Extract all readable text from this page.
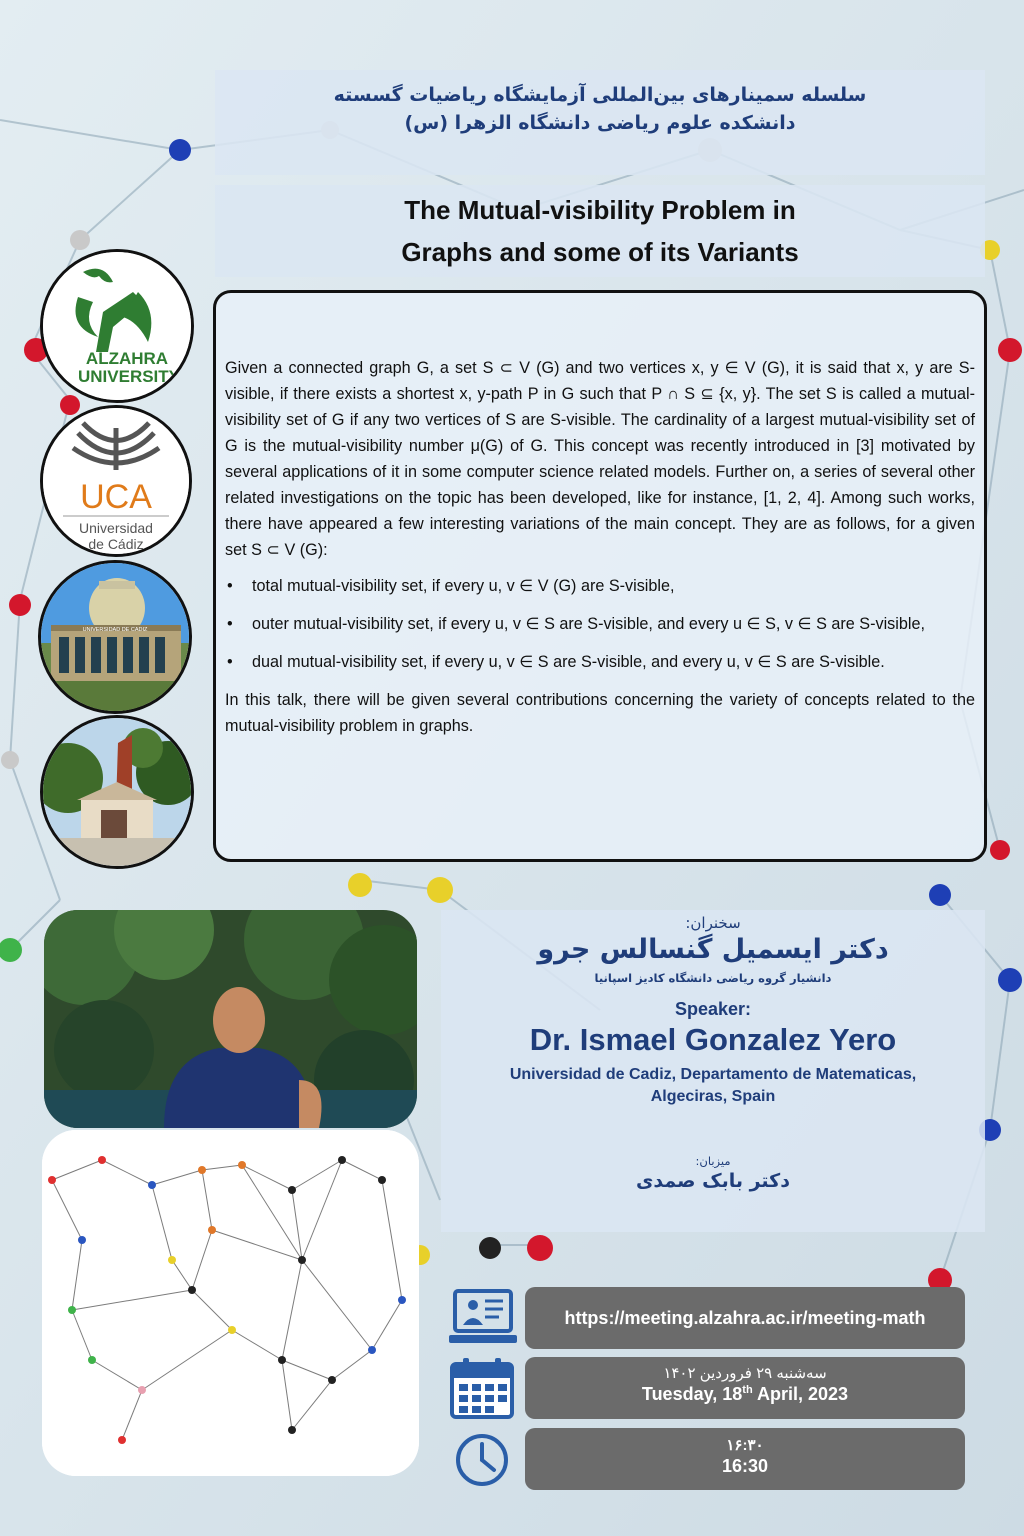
سلسله سمینارهای بین‌المللی آزمایشگاه ریاضیات گسسته
دانشکده علوم ریاضی دانشگاه الزهرا (س)
The Mutual-visibility Problem in
Graphs and some of its Variants

Given a connected graph G, a set S ⊂ V (G) and two vertices x, y ∈ V (G), it is said that x, y are S-visible, if there exists a shortest x, y-path P in G such that P ∩ S ⊆ {x, y}. The set S is called a mutual-visibility set of G if any two vertices of S are S-visible. The cardinality of a largest mutual-visibility set of G is the mutual-visibility number μ(G) of G. This concept was recently introduced in [3] motivated by several applications of it in some computer science related models. Further on, a series of several other related investigations on the topic has been developed, like for instance, [1, 2, 4]. Among such works, there have appeared a few interesting variations of the main concept. They are as follows, for a given set S ⊂ V (G):

• total mutual-visibility set, if every u, v ∈ V (G) are S-visible,
• outer mutual-visibility set, if every u, v ∈ S are S-visible, and every u ∈ S, v ∈ S are S-visible,
• dual mutual-visibility set, if every u, v ∈ S are S-visible, and every u, v ∈ S are S-visible.

In this talk, there will be given several contributions concerning the variety of concepts related to the mutual-visibility problem in graphs.

ALZAHRA
UNIVERSITY
UCA
Universidad
de Cádiz
UNIVERSIDAD DE CADIZ
سخنران:
دکتر ایسمیل گنسالس جرو
دانشیار گروه ریاضی دانشگاه کادیز اسپانیا
Speaker:
Dr. Ismael Gonzalez Yero
Universidad de Cadiz, Departamento de Matematicas,
Algeciras, Spain
میزبان:
دکتر بابک صمدی
https://meeting.alzahra.ac.ir/meeting-math
سه‌شنبه ۲۹ فروردین ۱۴۰۲
Tuesday, 18th April, 2023
۱۶:۳۰
16:30
